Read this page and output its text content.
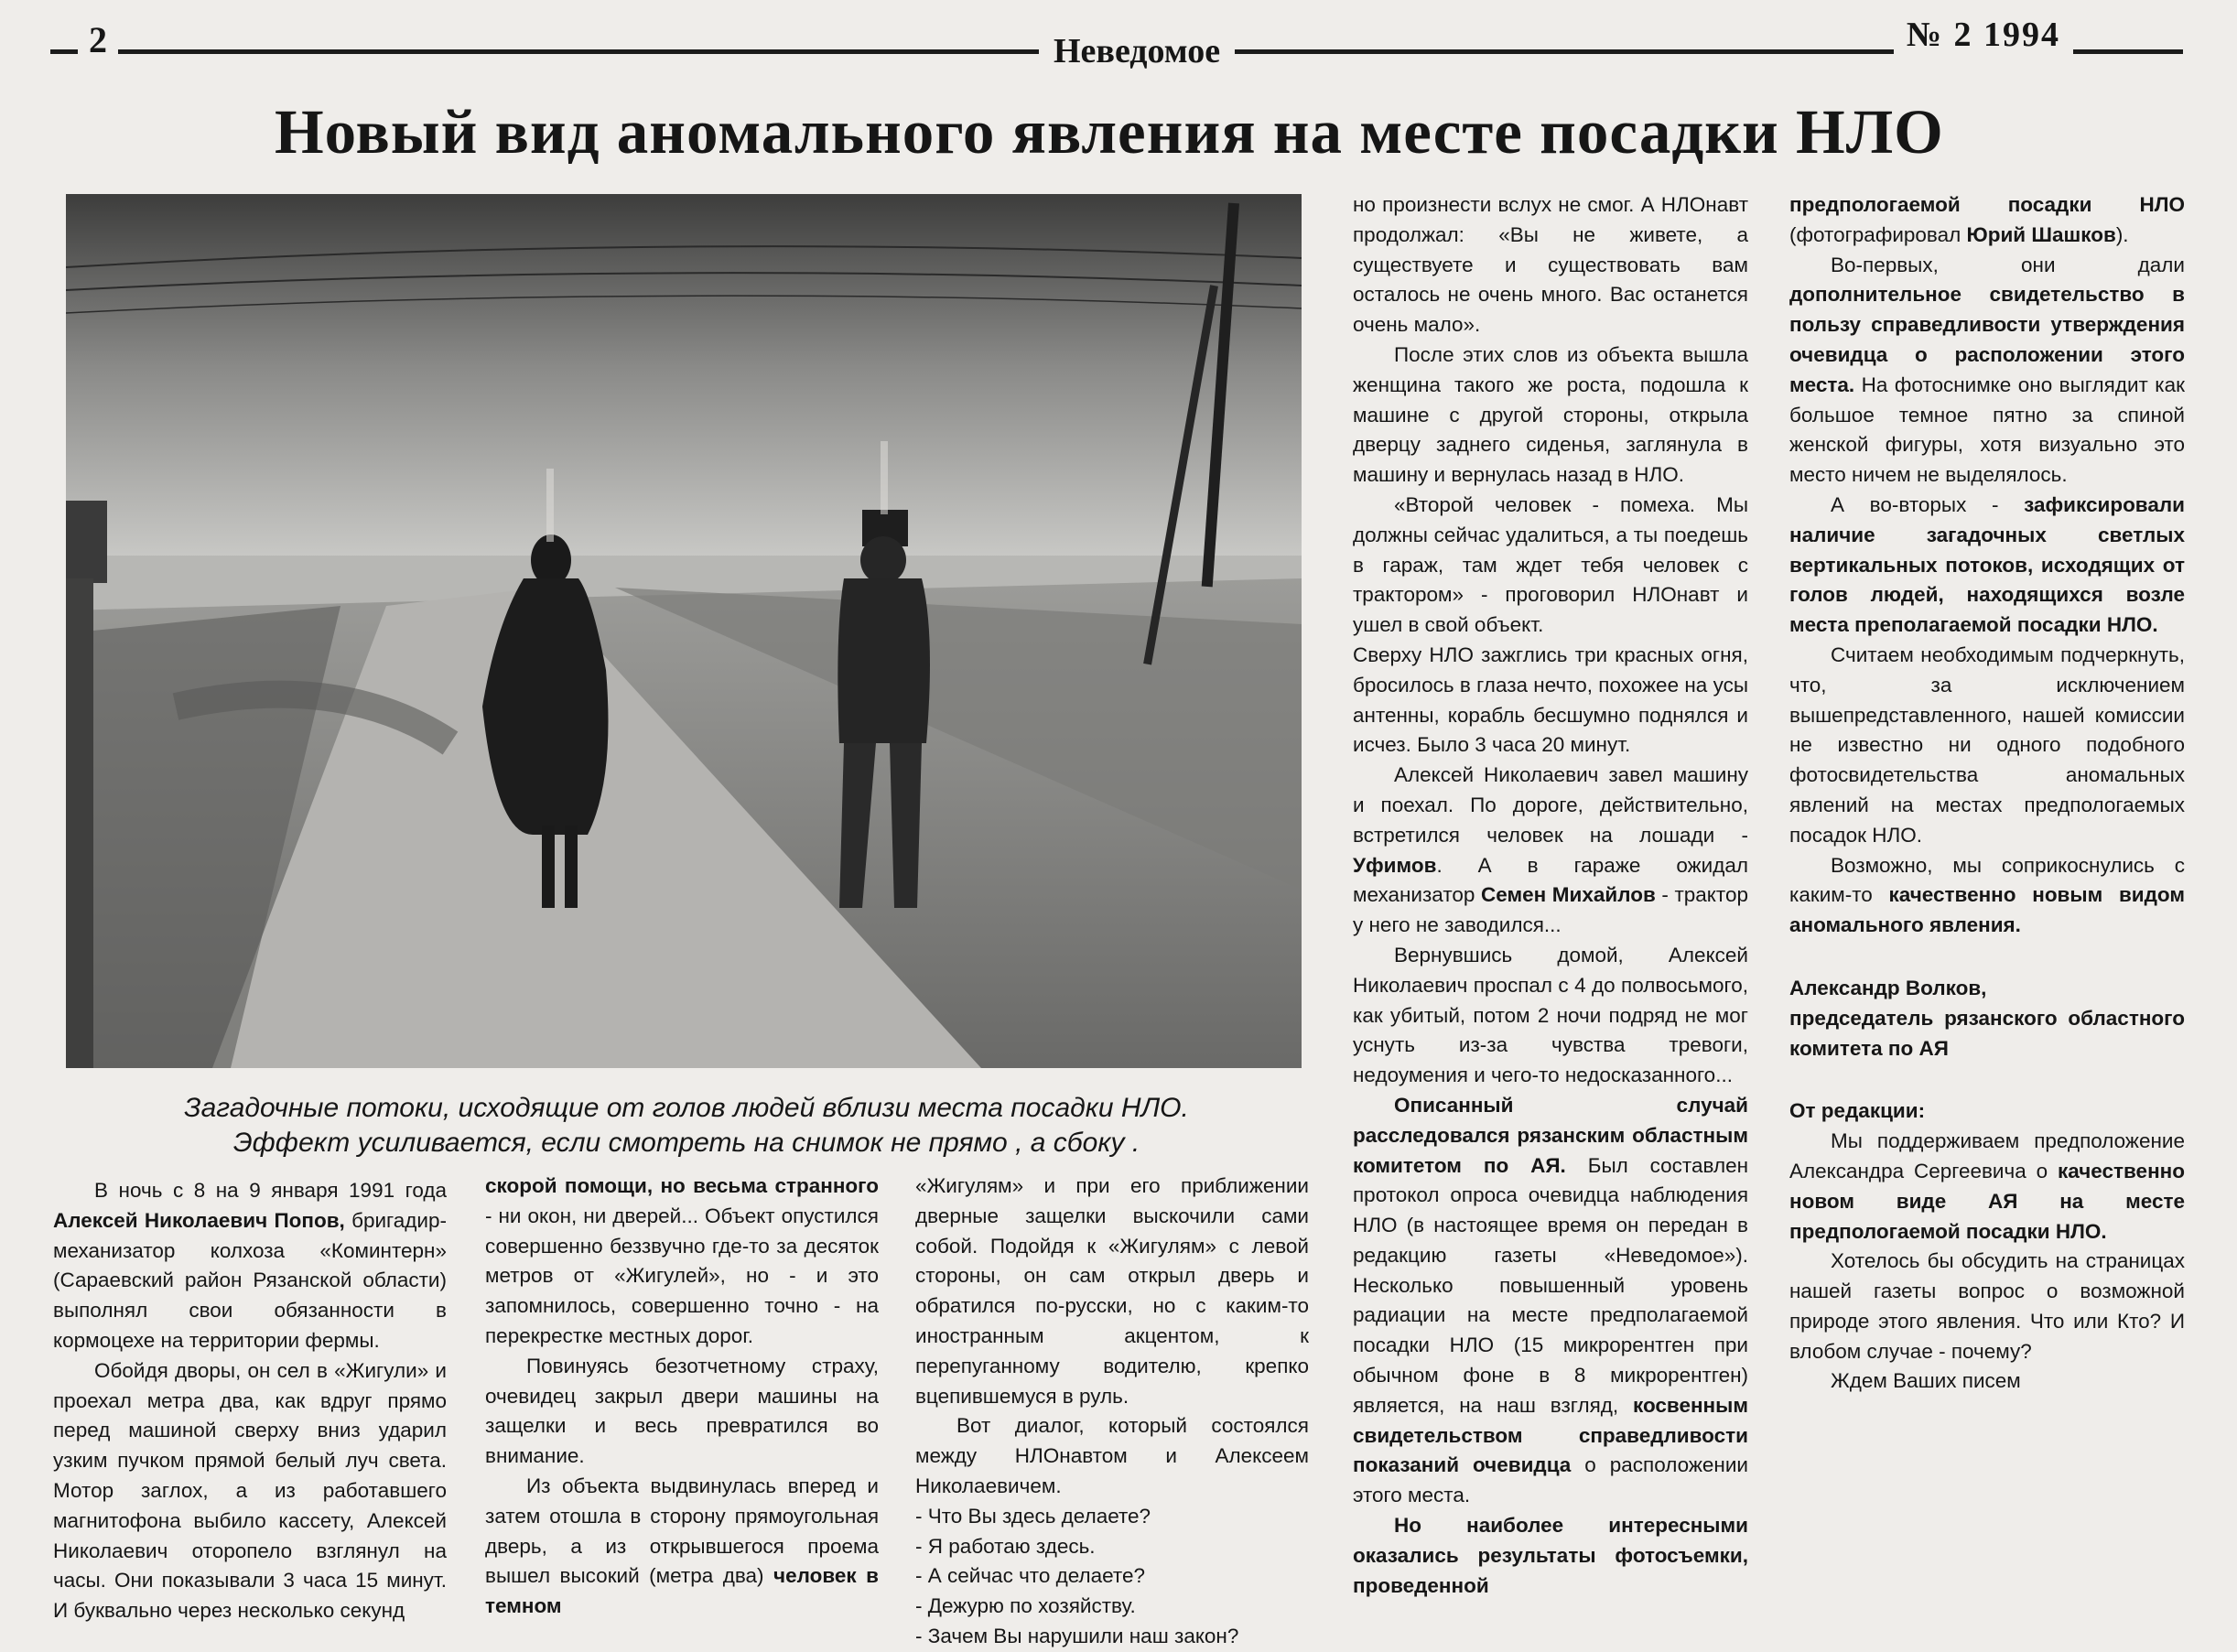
2	Неведомое	№ 2 1994
Новый вид аномального явления на месте посадки НЛО
Загадочные потоки, исходящие от голов людей вблизи места посадки НЛО.
Эффект усиливается, если смотреть на снимок не прямо , а сбоку .

В ночь с 8 на 9 января 1991 года Алексей Николаевич Попов, бригадир-механизатор колхоза «Коминтерн» (Сараевский район Рязанской области) выполнял свои обязанности в кормоцехе на территории фермы.

Обойдя дворы, он сел в «Жигули» и проехал метра два, как вдруг прямо перед машиной сверху вниз ударил узким пучком прямой белый луч света. Мотор заглох, а из работавшего магнитофона выбило кассету, Алексей Николаевич оторопело взглянул на часы. Они показывали 3 часа 15 минут. И буквально через несколько секунд

скорой помощи, но весьма странного - ни окон, ни дверей... Объект опустился совершенно беззвучно где-то за десяток метров от «Жигулей», но - и это запомнилось, совершенно точно - на перекрестке местных дорог.

Повинуясь безотчетному страху, очевидец закрыл двери машины на защелки и весь превратился во внимание.

Из объекта выдвинулась вперед и затем отошла в сторону прямоугольная дверь, а из открывшегося проема вышел высокий (метра два) человек в темном

«Жигулям» и при его приближении дверные защелки выскочили сами собой. Подойдя к «Жигулям» с левой стороны, он сам открыл дверь и обратился по-русски, но с каким-то иностранным акцентом, к перепуганному водителю, крепко вцепившемуся в руль.

Вот диалог, который состоялся между НЛОнавтом и Алексеем Николаевичем.

- Что Вы здесь делаете?

- Я работаю здесь.

- А сейчас что делаете?

- Дежурю по хозяйству.

- Зачем Вы нарушили наш закон?

но произнести вслух не смог. А НЛОнавт продолжал: «Вы не живете, а существуете и существовать вам осталось не очень много. Вас останется очень мало».

После этих слов из объекта вышла женщина такого же роста, подошла к машине с другой стороны, открыла дверцу заднего сиденья, заглянула в машину и вернулась назад в НЛО.

«Второй человек - помеха. Мы должны сейчас удалиться, а ты поедешь в гараж, там ждет тебя человек с трактором» - проговорил НЛОнавт и ушел в свой объект.

Сверху НЛО зажглись три красных огня, бросилось в глаза нечто, похожее на усы антенны, корабль бесшумно поднялся и исчез. Было 3 часа 20 минут.

Алексей Николаевич завел машину и поехал. По дороге, действительно, встретился человек на лошади - Уфимов. А в гараже ожидал механизатор Семен Михайлов - трактор у него не заводился...

Вернувшись домой, Алексей Николаевич проспал с 4 до полвосьмого, как убитый, потом 2 ночи подряд не мог уснуть из-за чувства тревоги, недоумения и чего-то недосказанного...

Описанный случай расследовался рязанским областным комитетом по АЯ. Был составлен протокол опроса очевидца наблюдения НЛО (в настоящее время он передан в редакцию газеты «Неведомое»). Несколько повышенный уровень радиации на месте предполагаемой посадки НЛО (15 микрорентген при обычном фоне в 8 микрорентген) является, на наш взгляд, косвенным свидетельством справедливости показаний очевидца о расположении этого места.

Но наиболее интересными оказались результаты фотосъемки, проведенной

предпологаемой посадки НЛО (фотографировал Юрий Шашков).

Во-первых, они дали дополнительное свидетельство в пользу справедливости утверждения очевидца о расположении этого места. На фотоснимке оно выглядит как большое темное пятно за спиной женской фигуры, хотя визуально это место ничем не выделялось.

А во-вторых - зафиксировали наличие загадочных светлых вертикальных потоков, исходящих от голов людей, находящихся возле места преполагаемой посадки НЛО.

Считаем необходимым подчеркнуть, что, за исключением вышепредставленного, нашей комиссии не известно ни одного подобного фотосвидетельства аномальных явлений на местах предпологаемых посадок НЛО.

Возможно, мы соприкоснулись с каким-то качественно новым видом аномального явления.

Александр Волков,

председатель рязанского областного комитета по АЯ

От редакции:

Мы поддерживаем предположение Александра Сергеевича о качественно новом виде АЯ на месте предпологаемой посадки НЛО.

Хотелось бы обсудить на страницах нашей газеты вопрос о возможной природе этого явления. Что или Кто? И влобом случае - почему?

Ждем Ваших писем
